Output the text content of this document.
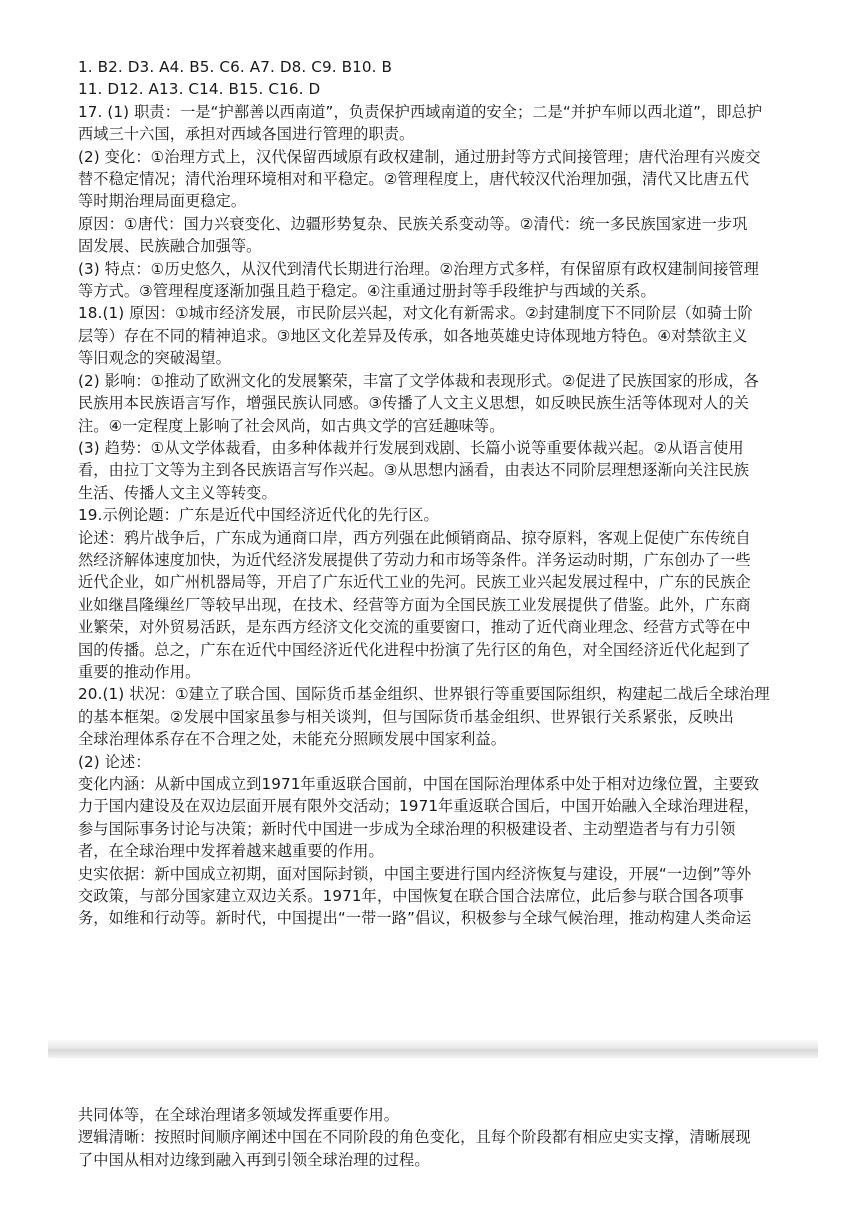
1. B2. D3. A4. B5. C6. A7. D8. C9. B10. B

11. D12. A13. C14. B15. C16. D

17. (1) 职责：一是“护鄯善以西南道”，负责保护西域南道的安全；二是“并护车师以西北道”，即总护

西域三十六国，承担对西域各国进行管理的职责。

(2) 变化：①治理方式上，汉代保留西域原有政权建制，通过册封等方式间接管理；唐代治理有兴废交

替不稳定情况；清代治理环境相对和平稳定。②管理程度上，唐代较汉代治理加强，清代又比唐五代

等时期治理局面更稳定。

原因：①唐代：国力兴衰变化、边疆形势复杂、民族关系变动等。②清代：统一多民族国家进一步巩

固发展、民族融合加强等。

(3) 特点：①历史悠久，从汉代到清代长期进行治理。②治理方式多样，有保留原有政权建制间接管理

等方式。③管理程度逐渐加强且趋于稳定。④注重通过册封等手段维护与西域的关系。

18.(1) 原因：①城市经济发展，市民阶层兴起，对文化有新需求。②封建制度下不同阶层（如骑士阶

层等）存在不同的精神追求。③地区文化差异及传承，如各地英雄史诗体现地方特色。④对禁欲主义

等旧观念的突破渴望。

(2) 影响：①推动了欧洲文化的发展繁荣，丰富了文学体裁和表现形式。②促进了民族国家的形成，各

民族用本民族语言写作，增强民族认同感。③传播了人文主义思想，如反映民族生活等体现对人的关

注。④一定程度上影响了社会风尚，如古典文学的宫廷趣味等。

(3) 趋势：①从文学体裁看，由多种体裁并行发展到戏剧、长篇小说等重要体裁兴起。②从语言使用

看，由拉丁文等为主到各民族语言写作兴起。③从思想内涵看，由表达不同阶层理想逐渐向关注民族

生活、传播人文主义等转变。

19.示例论题：广东是近代中国经济近代化的先行区。

论述：鸦片战争后，广东成为通商口岸，西方列强在此倾销商品、掠夺原料，客观上促使广东传统自

然经济解体速度加快，为近代经济发展提供了劳动力和市场等条件。洋务运动时期，广东创办了一些

近代企业，如广州机器局等，开启了广东近代工业的先河。民族工业兴起发展过程中，广东的民族企

业如继昌隆缫丝厂等较早出现，在技术、经营等方面为全国民族工业发展提供了借鉴。此外，广东商

业繁荣，对外贸易活跃，是东西方经济文化交流的重要窗口，推动了近代商业理念、经营方式等在中

国的传播。总之，广东在近代中国经济近代化进程中扮演了先行区的角色，对全国经济近代化起到了

重要的推动作用。

20.(1) 状况：①建立了联合国、国际货币基金组织、世界银行等重要国际组织，构建起二战后全球治理

的基本框架。②发展中国家虽参与相关谈判，但与国际货币基金组织、世界银行关系紧张，反映出

全球治理体系存在不合理之处，未能充分照顾发展中国家利益。

(2) 论述：

变化内涵：从新中国成立到1971年重返联合国前，中国在国际治理体系中处于相对边缘位置，主要致

力于国内建设及在双边层面开展有限外交活动；1971年重返联合国后，中国开始融入全球治理进程，

参与国际事务讨论与决策；新时代中国进一步成为全球治理的积极建设者、主动塑造者与有力引领

者，在全球治理中发挥着越来越重要的作用。

史实依据：新中国成立初期，面对国际封锁，中国主要进行国内经济恢复与建设，开展“一边倒”等外

交政策，与部分国家建立双边关系。1971年，中国恢复在联合国合法席位，此后参与联合国各项事

务，如维和行动等。新时代，中国提出“一带一路”倡议，积极参与全球气候治理，推动构建人类命运

共同体等，在全球治理诸多领域发挥重要作用。

逻辑清晰：按照时间顺序阐述中国在不同阶段的角色变化，且每个阶段都有相应史实支撑，清晰展现

了中国从相对边缘到融入再到引领全球治理的过程。
